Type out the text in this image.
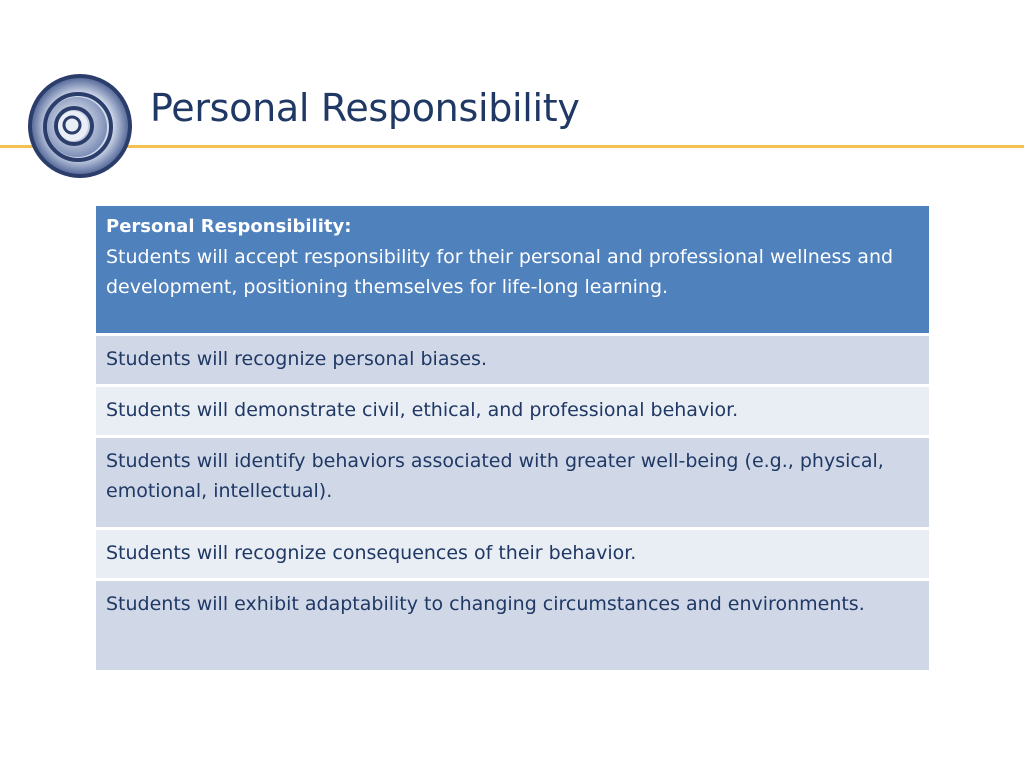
Personal Responsibility
Personal Responsibility:
Students will accept responsibility for their personal and professional wellness and development, positioning themselves for life-long learning.
Students will recognize personal biases.
Students will demonstrate civil, ethical, and professional behavior.
Students will identify behaviors associated with greater well-being (e.g., physical, emotional, intellectual).
Students will recognize consequences of their behavior.
Students will exhibit adaptability to changing circumstances and environments.
